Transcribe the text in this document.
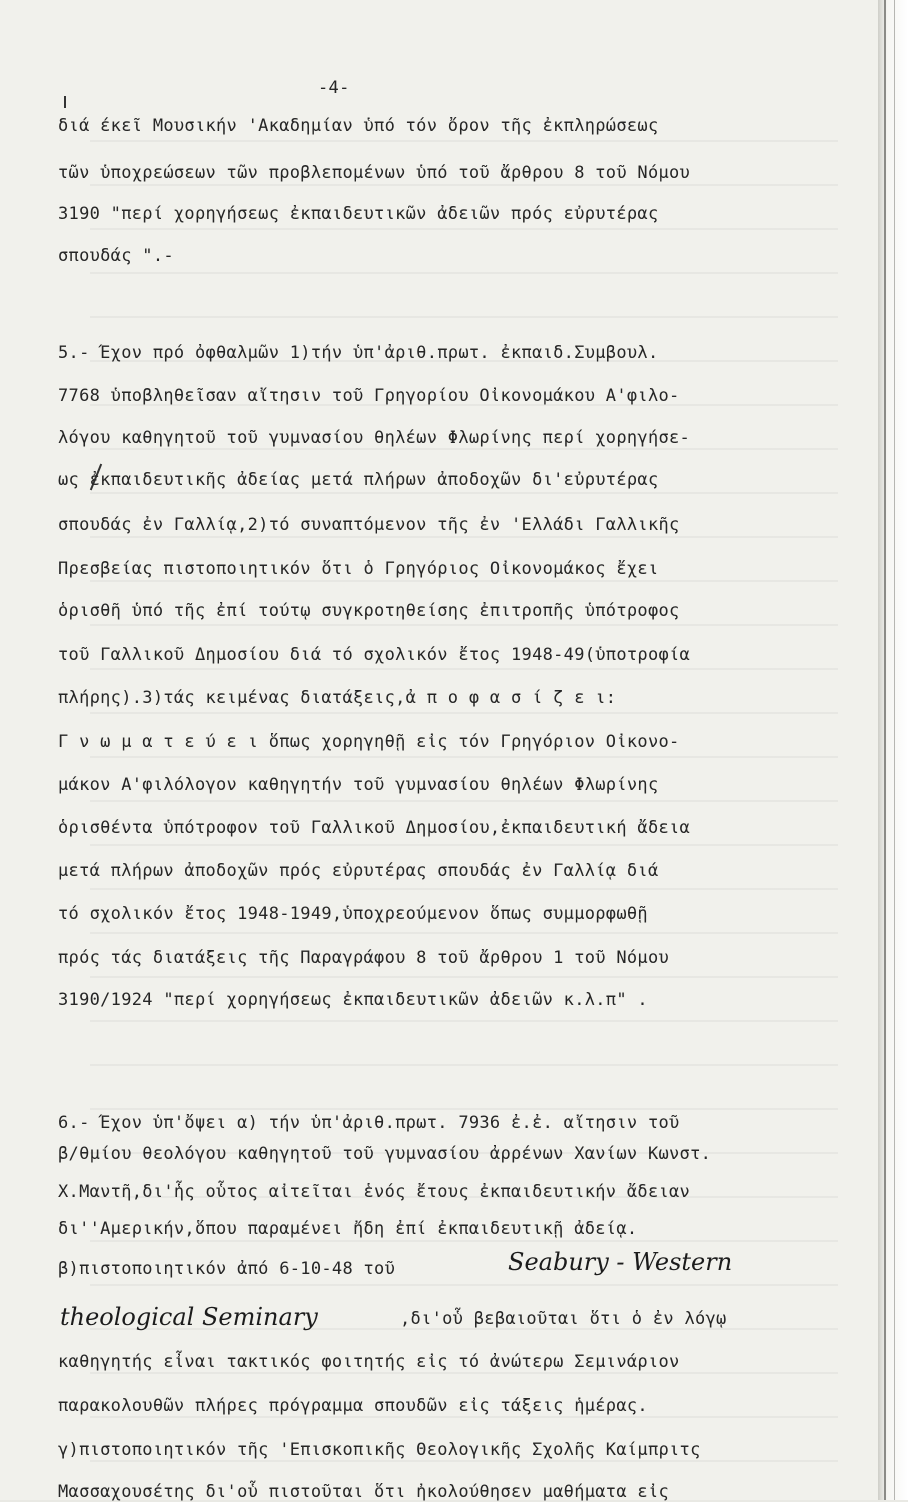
-4-
διά έκεῖ Μουσικήν 'Ακαδημίαν ὑπό τόν ὄρον τῆς ἐκπληρώσεως
τῶν ὑποχρεώσεων τῶν προβλεπομένων ὑπό τοῦ ἄρθρου 8 τοῦ Νόμου
3190 "περί χορηγήσεως ἐκπαιδευτικῶν ἀδειῶν πρός εὐρυτέρας
σπουδάς ".-
5.- Έχον πρό ὀφθαλμῶν 1)τήν ὑπ'ἀριθ.πρωτ. ἐκπαιδ.Συμβουλ.
7768 ὑποβληθεῖσαν αἴτησιν τοῦ Γρηγορίου Οἰκονομάκου Α'φιλο-
λόγου καθηγητοῦ τοῦ γυμνασίου θηλέων Φλωρίνης περί χορηγήσε-
ως ἐκπαιδευτικῆς ἀδείας μετά πλήρων ἀποδοχῶν δι'εὐρυτέρας
σπουδάς ἐν Γαλλίᾳ,2)τό συναπτόμενον τῆς ἐν 'Ελλάδι Γαλλικῆς
Πρεσβείας πιστοποιητικόν ὅτι ὁ Γρηγόριος Οἰκονομάκος ἔχει
ὁρισθῆ ὑπό τῆς ἐπί τούτῳ συγκροτηθείσης ἐπιτροπῆς ὑπότροφος
τοῦ Γαλλικοῦ Δημοσίου διά τό σχολικόν ἔτος 1948-49(ὑποτροφία
πλήρης).3)τάς κειμένας διατάξεις,ἀ π ο φ α σ ί ζ ε ι:
Γ ν ω μ α τ ε ύ ε ι ὅπως χορηγηθῇ εἰς τόν Γρηγόριον Οἰκονο-
μάκον Α'φιλόλογον καθηγητήν τοῦ γυμνασίου θηλέων Φλωρίνης
ὁρισθέντα ὑπότροφον τοῦ Γαλλικοῦ Δημοσίου,ἐκπαιδευτική ἄδεια
μετά πλήρων ἀποδοχῶν πρός εὐρυτέρας σπουδάς ἐν Γαλλίᾳ διά
τό σχολικόν ἔτος 1948-1949,ὑποχρεούμενον ὅπως συμμορφωθῇ
πρός τάς διατάξεις τῆς Παραγράφου 8 τοῦ ἄρθρου 1 τοῦ Νόμου
3190/1924 "περί χορηγήσεως ἐκπαιδευτικῶν ἀδειῶν κ.λ.π" .
6.- Έχον ὑπ'ὄψει α) τήν ὑπ'ἀριθ.πρωτ. 7936 ἐ.ἐ. αἴτησιν τοῦ
β/θμίου θεολόγου καθηγητοῦ τοῦ γυμνασίου ἀρρένων Χανίων Κωνστ.
Χ.Μαντῆ,δι'ἧς οὗτος αἰτεῖται ἑνός ἔτους ἐκπαιδευτικήν ἄδειαν
δι''Αμερικήν,ὅπου παραμένει ἤδη ἐπί ἐκπαιδευτικῇ ἀδείᾳ.
β)πιστοποιητικόν ἀπό 6-10-48 τοῦ	Seabury - Western
theological Seminary	,δι'οὗ βεβαιοῦται ὅτι ὁ ἐν λόγῳ
καθηγητής εἶναι τακτικός φοιτητής εἰς τό ἀνώτερω Σεμινάριον
παρακολουθῶν πλήρες πρόγραμμα σπουδῶν εἰς τάξεις ἡμέρας.
γ)πιστοποιητικόν τῆς 'Επισκοπικῆς Θεολογικῆς Σχολῆς Καίμπριτς
Μασσαχουσέτης δι'οὗ πιστοῦται ὅτι ἠκολούθησεν μαθήματα εἰς
